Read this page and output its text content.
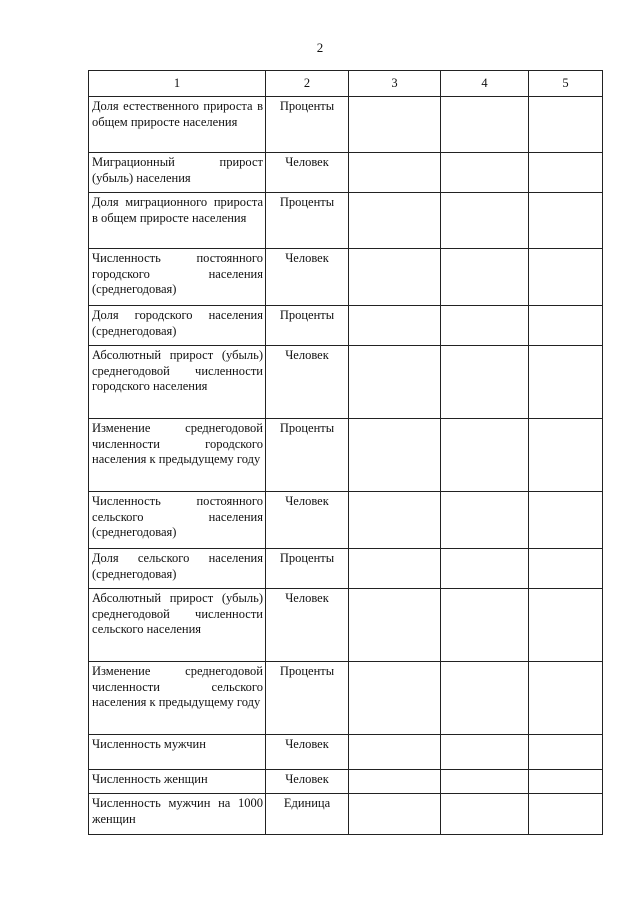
2
1	2	3	4	5
Доля естественного прироста в общем приросте населения	Проценты			
Миграционный прирост (убыль) населения	Человек			
Доля миграционного прироста в общем приросте населения	Проценты			
Численность постоянного городского населения (среднегодовая)	Человек			
Доля городского населения (среднегодовая)	Проценты			
Абсолютный прирост (убыль) среднегодовой численности городского населения	Человек			
Изменение среднегодовой численности городского населения к предыдущему году	Проценты			
Численность постоянного сельского населения (среднегодовая)	Человек			
Доля сельского населения (среднегодовая)	Проценты			
Абсолютный прирост (убыль) среднегодовой численности сельского населения	Человек			
Изменение среднегодовой численности сельского населения к предыдущему году	Проценты			
Численность мужчин	Человек			
Численность женщин	Человек			
Численность мужчин на 1000 женщин	Единица			
